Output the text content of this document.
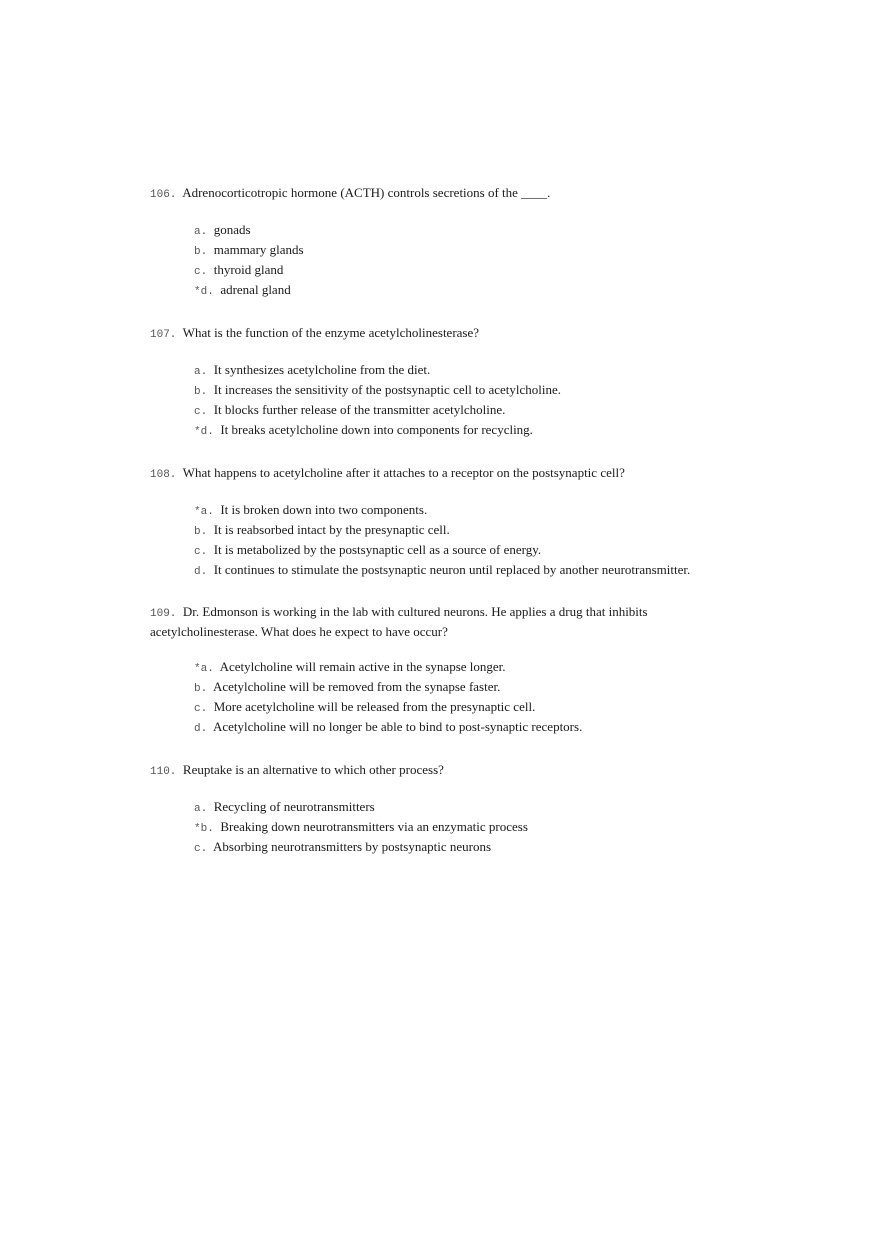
106. Adrenocorticotropic hormone (ACTH) controls secretions of the ____.

a. gonads
b. mammary glands
c. thyroid gland
*d. adrenal gland

107. What is the function of the enzyme acetylcholinesterase?

a. It synthesizes acetylcholine from the diet.
b. It increases the sensitivity of the postsynaptic cell to acetylcholine.
c. It blocks further release of the transmitter acetylcholine.
*d. It breaks acetylcholine down into components for recycling.

108. What happens to acetylcholine after it attaches to a receptor on the postsynaptic cell?

*a. It is broken down into two components.
b. It is reabsorbed intact by the presynaptic cell.
c. It is metabolized by the postsynaptic cell as a source of energy.
d. It continues to stimulate the postsynaptic neuron until replaced by another neurotransmitter.

109. Dr. Edmonson is working in the lab with cultured neurons. He applies a drug that inhibits acetylcholinesterase. What does he expect to have occur?

*a. Acetylcholine will remain active in the synapse longer.
b. Acetylcholine will be removed from the synapse faster.
c. More acetylcholine will be released from the presynaptic cell.
d. Acetylcholine will no longer be able to bind to post-synaptic receptors.

110. Reuptake is an alternative to which other process?

a. Recycling of neurotransmitters
*b. Breaking down neurotransmitters via an enzymatic process
c. Absorbing neurotransmitters by postsynaptic neurons
